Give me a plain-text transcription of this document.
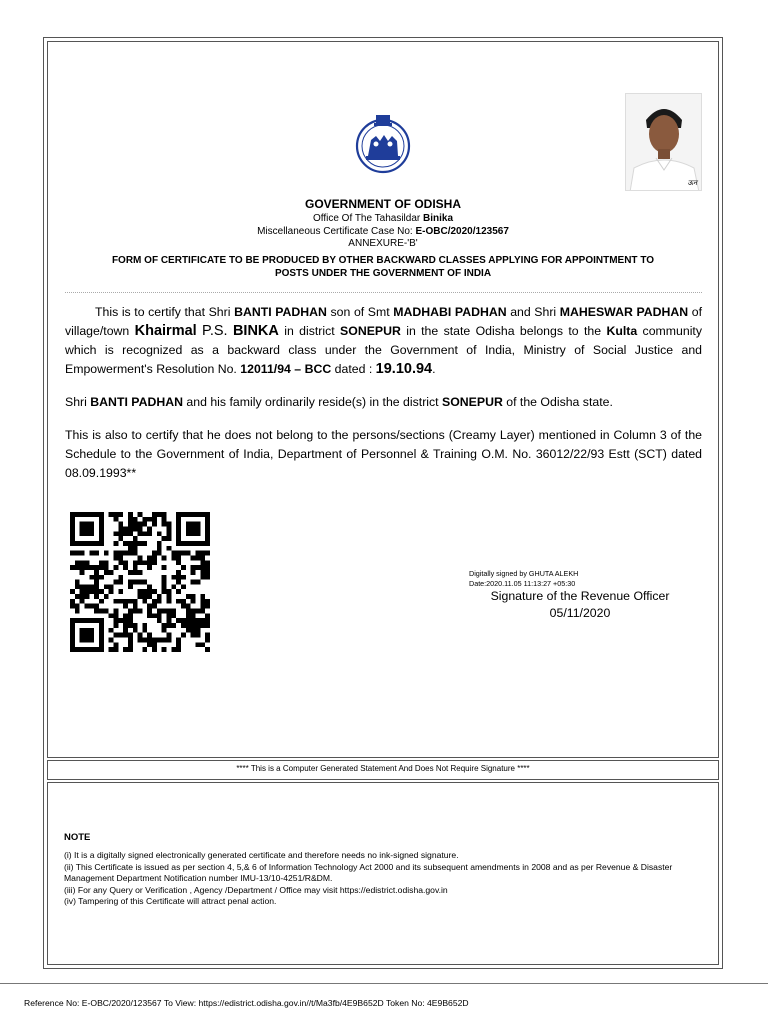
ऊन
GOVERNMENT OF ODISHA
Office Of The Tahasildar Binika
Miscellaneous Certificate Case No: E-OBC/2020/123567
ANNEXURE-'B'
FORM OF CERTIFICATE TO BE PRODUCED BY OTHER BACKWARD CLASSES APPLYING FOR APPOINTMENT TO
POSTS UNDER THE GOVERNMENT OF INDIA
This is to certify that Shri BANTI PADHAN son of Smt MADHABI PADHAN and Shri MAHESWAR PADHAN of village/town Khairmal P.S. BINKA in district SONEPUR in the state Odisha belongs to the Kulta community which is recognized as a backward class under the Government of India, Ministry of Social Justice and Empowerment's Resolution No. 12011/94 – BCC dated : 19.10.94.
Shri BANTI PADHAN and his family ordinarily reside(s) in the district SONEPUR of the Odisha state.
This is also to certify that he does not belong to the persons/sections (Creamy Layer) mentioned in Column 3 of the Schedule to the Government of India, Department of Personnel & Training O.M. No. 36012/22/93 Estt (SCT) dated 08.09.1993**
Digitally signed by GHUTA ALEKH
Date:2020.11.05 11:13:27 +05:30
Signature of the Revenue Officer
05/11/2020
**** This is a Computer Generated Statement And Does Not Require Signature ****
NOTE
(i) It is a digitally signed electronically generated certificate and therefore needs no ink-signed signature.
(ii) This Certificate is issued as per section 4, 5,& 6 of Information Technology Act 2000 and its subsequent amendments in 2008 and as per Revenue & Disaster Management Department Notification number IMU-13/10-4251/R&DM.
(iii) For any Query or Verification , Agency /Department / Office may visit https://edistrict.odisha.gov.in
(iv) Tampering of this Certificate will attract penal action.
Reference No: E-OBC/2020/123567 To View: https://edistrict.odisha.gov.in//t/Ma3fb/4E9B652D Token No: 4E9B652D
